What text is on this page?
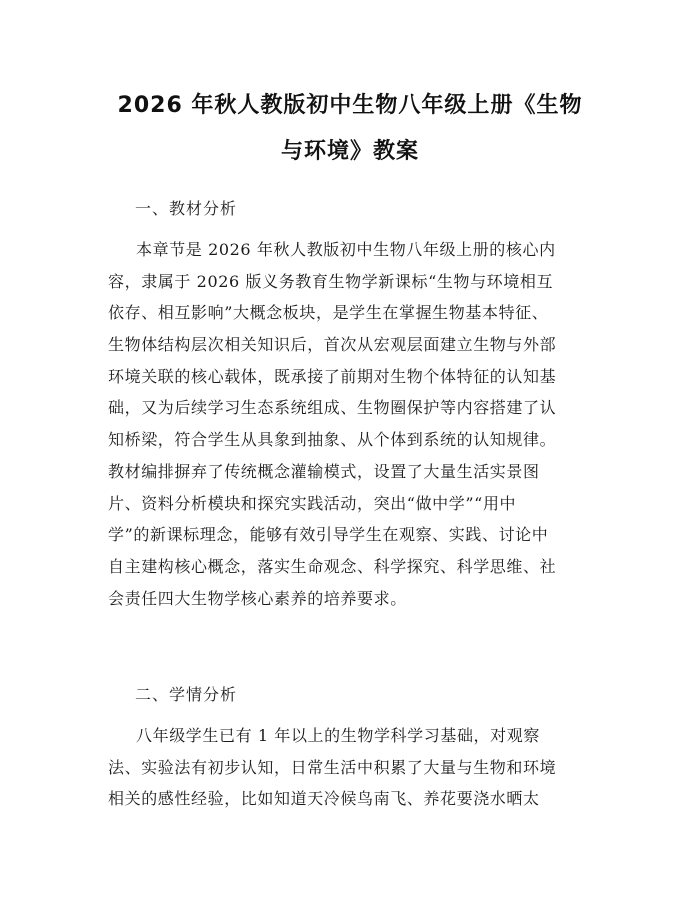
2026 年秋人教版初中生物八年级上册《生物
与环境》教案
一、教材分析
本章节是 2026 年秋人教版初中生物八年级上册的核心内
容，隶属于 2026 版义务教育生物学新课标“生物与环境相互
依存、相互影响”大概念板块，是学生在掌握生物基本特征、
生物体结构层次相关知识后，首次从宏观层面建立生物与外部
环境关联的核心载体，既承接了前期对生物个体特征的认知基
础，又为后续学习生态系统组成、生物圈保护等内容搭建了认
知桥梁，符合学生从具象到抽象、从个体到系统的认知规律。
教材编排摒弃了传统概念灌输模式，设置了大量生活实景图
片、资料分析模块和探究实践活动，突出“做中学”“用中
学”的新课标理念，能够有效引导学生在观察、实践、讨论中
自主建构核心概念，落实生命观念、科学探究、科学思维、社
会责任四大生物学核心素养的培养要求。
二、学情分析
八年级学生已有 1 年以上的生物学科学习基础，对观察
法、实验法有初步认知，日常生活中积累了大量与生物和环境
相关的感性经验，比如知道天冷候鸟南飞、养花要浇水晒太
